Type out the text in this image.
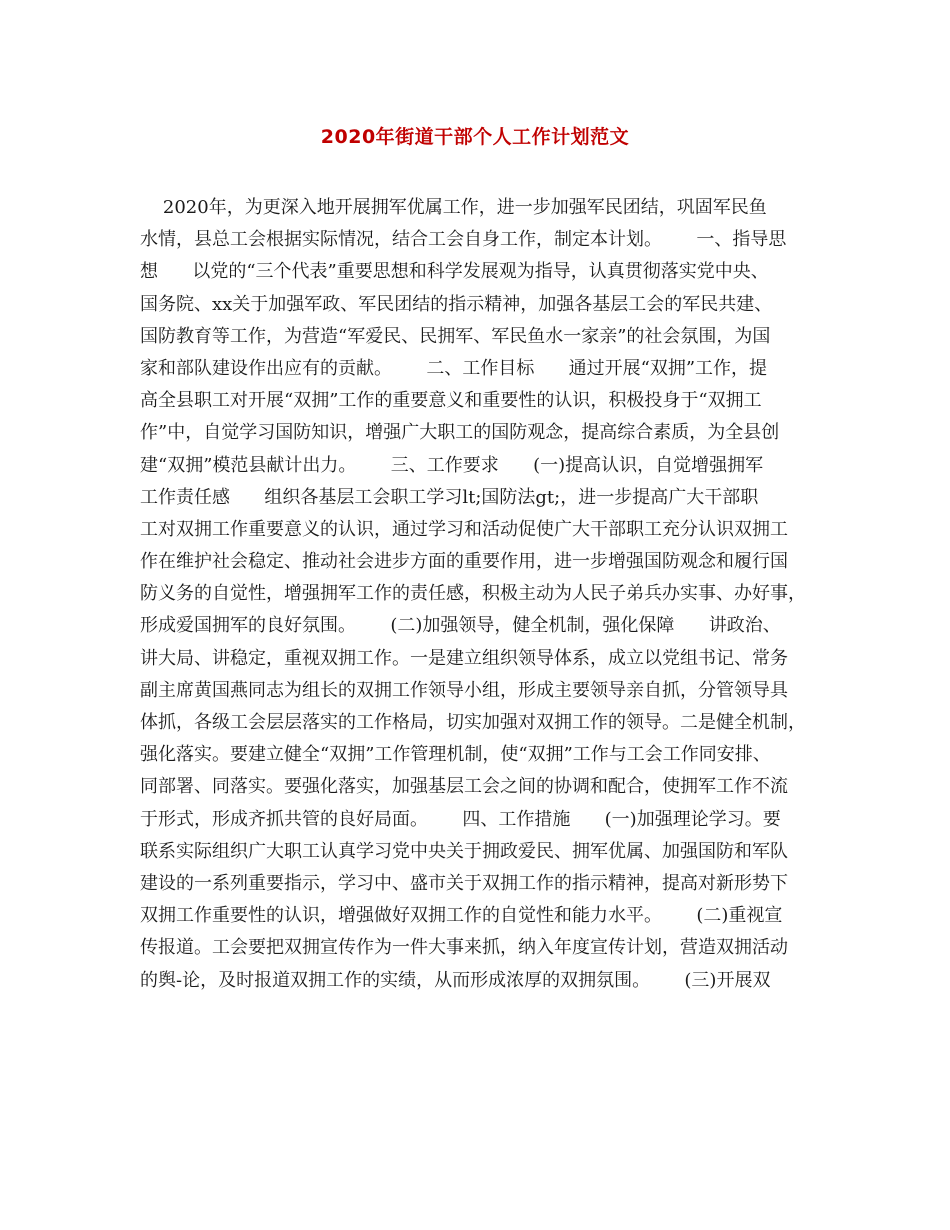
2020年街道干部个人工作计划范文
2020年，为更深入地开展拥军优属工作，进一步加强军民团结，巩固军民鱼
水情，县总工会根据实际情况，结合工会自身工作，制定本计划。      一、指导思
想      以党的“三个代表”重要思想和科学发展观为指导，认真贯彻落实党中央、
国务院、xx关于加强军政、军民团结的指示精神，加强各基层工会的军民共建、
国防教育等工作，为营造“军爱民、民拥军、军民鱼水一家亲”的社会氛围，为国
家和部队建设作出应有的贡献。      二、工作目标      通过开展“双拥”工作，提
高全县职工对开展“双拥”工作的重要意义和重要性的认识，积极投身于“双拥工
作”中，自觉学习国防知识，增强广大职工的国防观念，提高综合素质，为全县创
建“双拥”模范县献计出力。      三、工作要求      (一)提高认识，自觉增强拥军
工作责任感      组织各基层工会职工学习lt;国防法gt;，进一步提高广大干部职
工对双拥工作重要意义的认识，通过学习和活动促使广大干部职工充分认识双拥工
作在维护社会稳定、推动社会进步方面的重要作用，进一步增强国防观念和履行国
防义务的自觉性，增强拥军工作的责任感，积极主动为人民子弟兵办实事、办好事，
形成爱国拥军的良好氛围。      (二)加强领导，健全机制，强化保障      讲政治、
讲大局、讲稳定，重视双拥工作。一是建立组织领导体系，成立以党组书记、常务
副主席黄国燕同志为组长的双拥工作领导小组，形成主要领导亲自抓，分管领导具
体抓，各级工会层层落实的工作格局，切实加强对双拥工作的领导。二是健全机制，
强化落实。要建立健全“双拥”工作管理机制，使“双拥”工作与工会工作同安排、
同部署、同落实。要强化落实，加强基层工会之间的协调和配合，使拥军工作不流
于形式，形成齐抓共管的良好局面。      四、工作措施      (一)加强理论学习。要
联系实际组织广大职工认真学习党中央关于拥政爱民、拥军优属、加强国防和军队
建设的一系列重要指示，学习中、盛市关于双拥工作的指示精神，提高对新形势下
双拥工作重要性的认识，增强做好双拥工作的自觉性和能力水平。      (二)重视宣
传报道。工会要把双拥宣传作为一件大事来抓，纳入年度宣传计划，营造双拥活动
的舆-论，及时报道双拥工作的实绩，从而形成浓厚的双拥氛围。      (三)开展双
